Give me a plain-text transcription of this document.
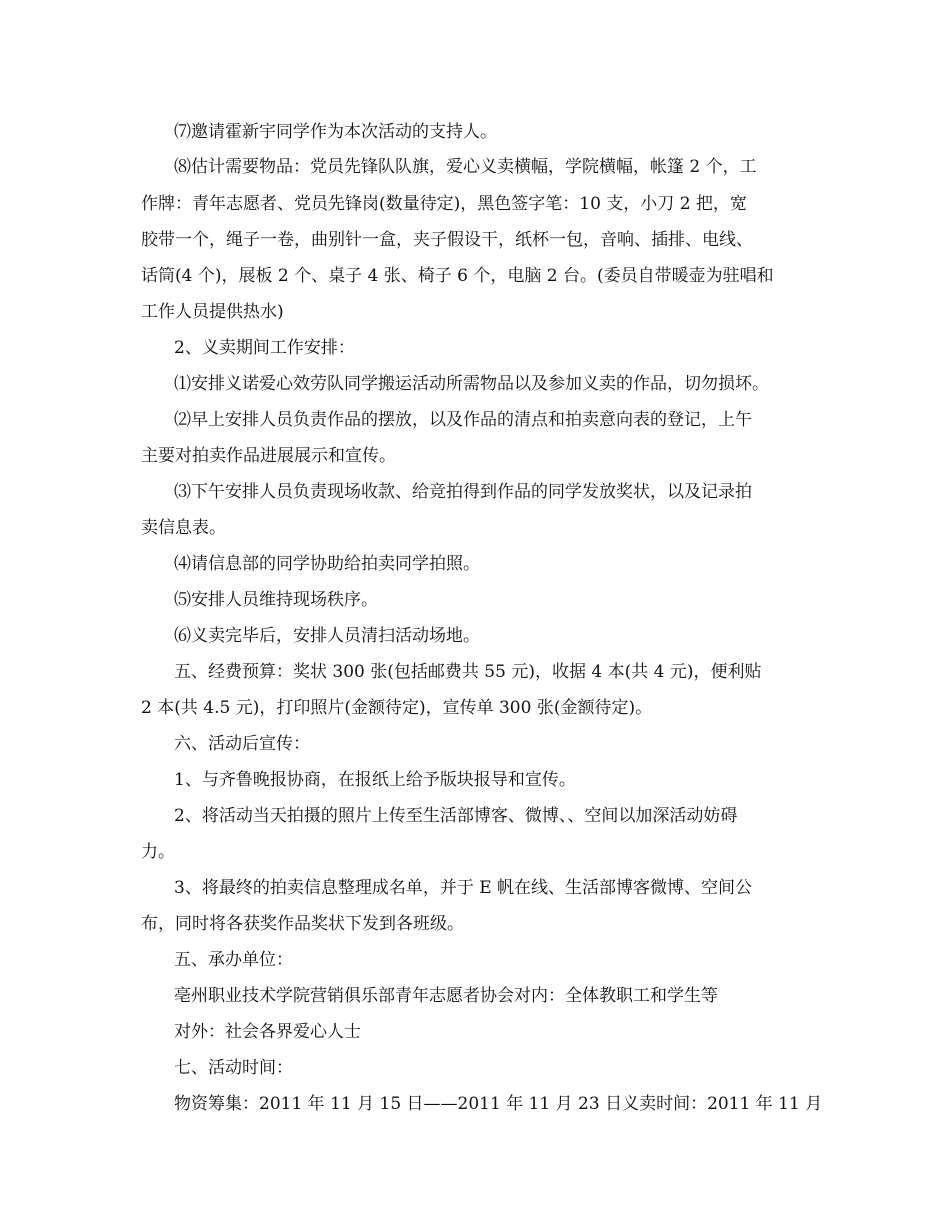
⑺邀请霍新宇同学作为本次活动的支持人。
⑻估计需要物品：党员先锋队队旗，爱心义卖横幅，学院横幅，帐篷 2 个，工
作牌：青年志愿者、党员先锋岗(数量待定)，黑色签字笔：10 支，小刀 2 把，宽
胶带一个，绳子一卷，曲别针一盒，夹子假设干，纸杯一包，音响、插排、电线、
话筒(4 个)，展板 2 个、桌子 4 张、椅子 6 个，电脑 2 台。(委员自带暖壶为驻唱和
工作人员提供热水)
2、义卖期间工作安排：
⑴安排义诺爱心效劳队同学搬运活动所需物品以及参加义卖的作品，切勿损坏。
⑵早上安排人员负责作品的摆放，以及作品的清点和拍卖意向表的登记，上午
主要对拍卖作品进展展示和宣传。
⑶下午安排人员负责现场收款、给竞拍得到作品的同学发放奖状，以及记录拍
卖信息表。
⑷请信息部的同学协助给拍卖同学拍照。
⑸安排人员维持现场秩序。
⑹义卖完毕后，安排人员清扫活动场地。
五、经费预算：奖状 300 张(包括邮费共 55 元)，收据 4 本(共 4 元)，便利贴
2 本(共 4.5 元)，打印照片(金额待定)，宣传单 300 张(金额待定)。
六、活动后宣传：
1、与齐鲁晚报协商，在报纸上给予版块报导和宣传。
2、将活动当天拍摄的照片上传至生活部博客、微博、、空间以加深活动妨碍
力。
3、将最终的拍卖信息整理成名单，并于 E 帆在线、生活部博客微博、空间公
布，同时将各获奖作品奖状下发到各班级。
五、承办单位：
亳州职业技术学院营销俱乐部青年志愿者协会对内：全体教职工和学生等
对外：社会各界爱心人士
七、活动时间：
物资筹集：2011 年 11 月 15 日——2011 年 11 月 23 日义卖时间：2011 年 11 月
